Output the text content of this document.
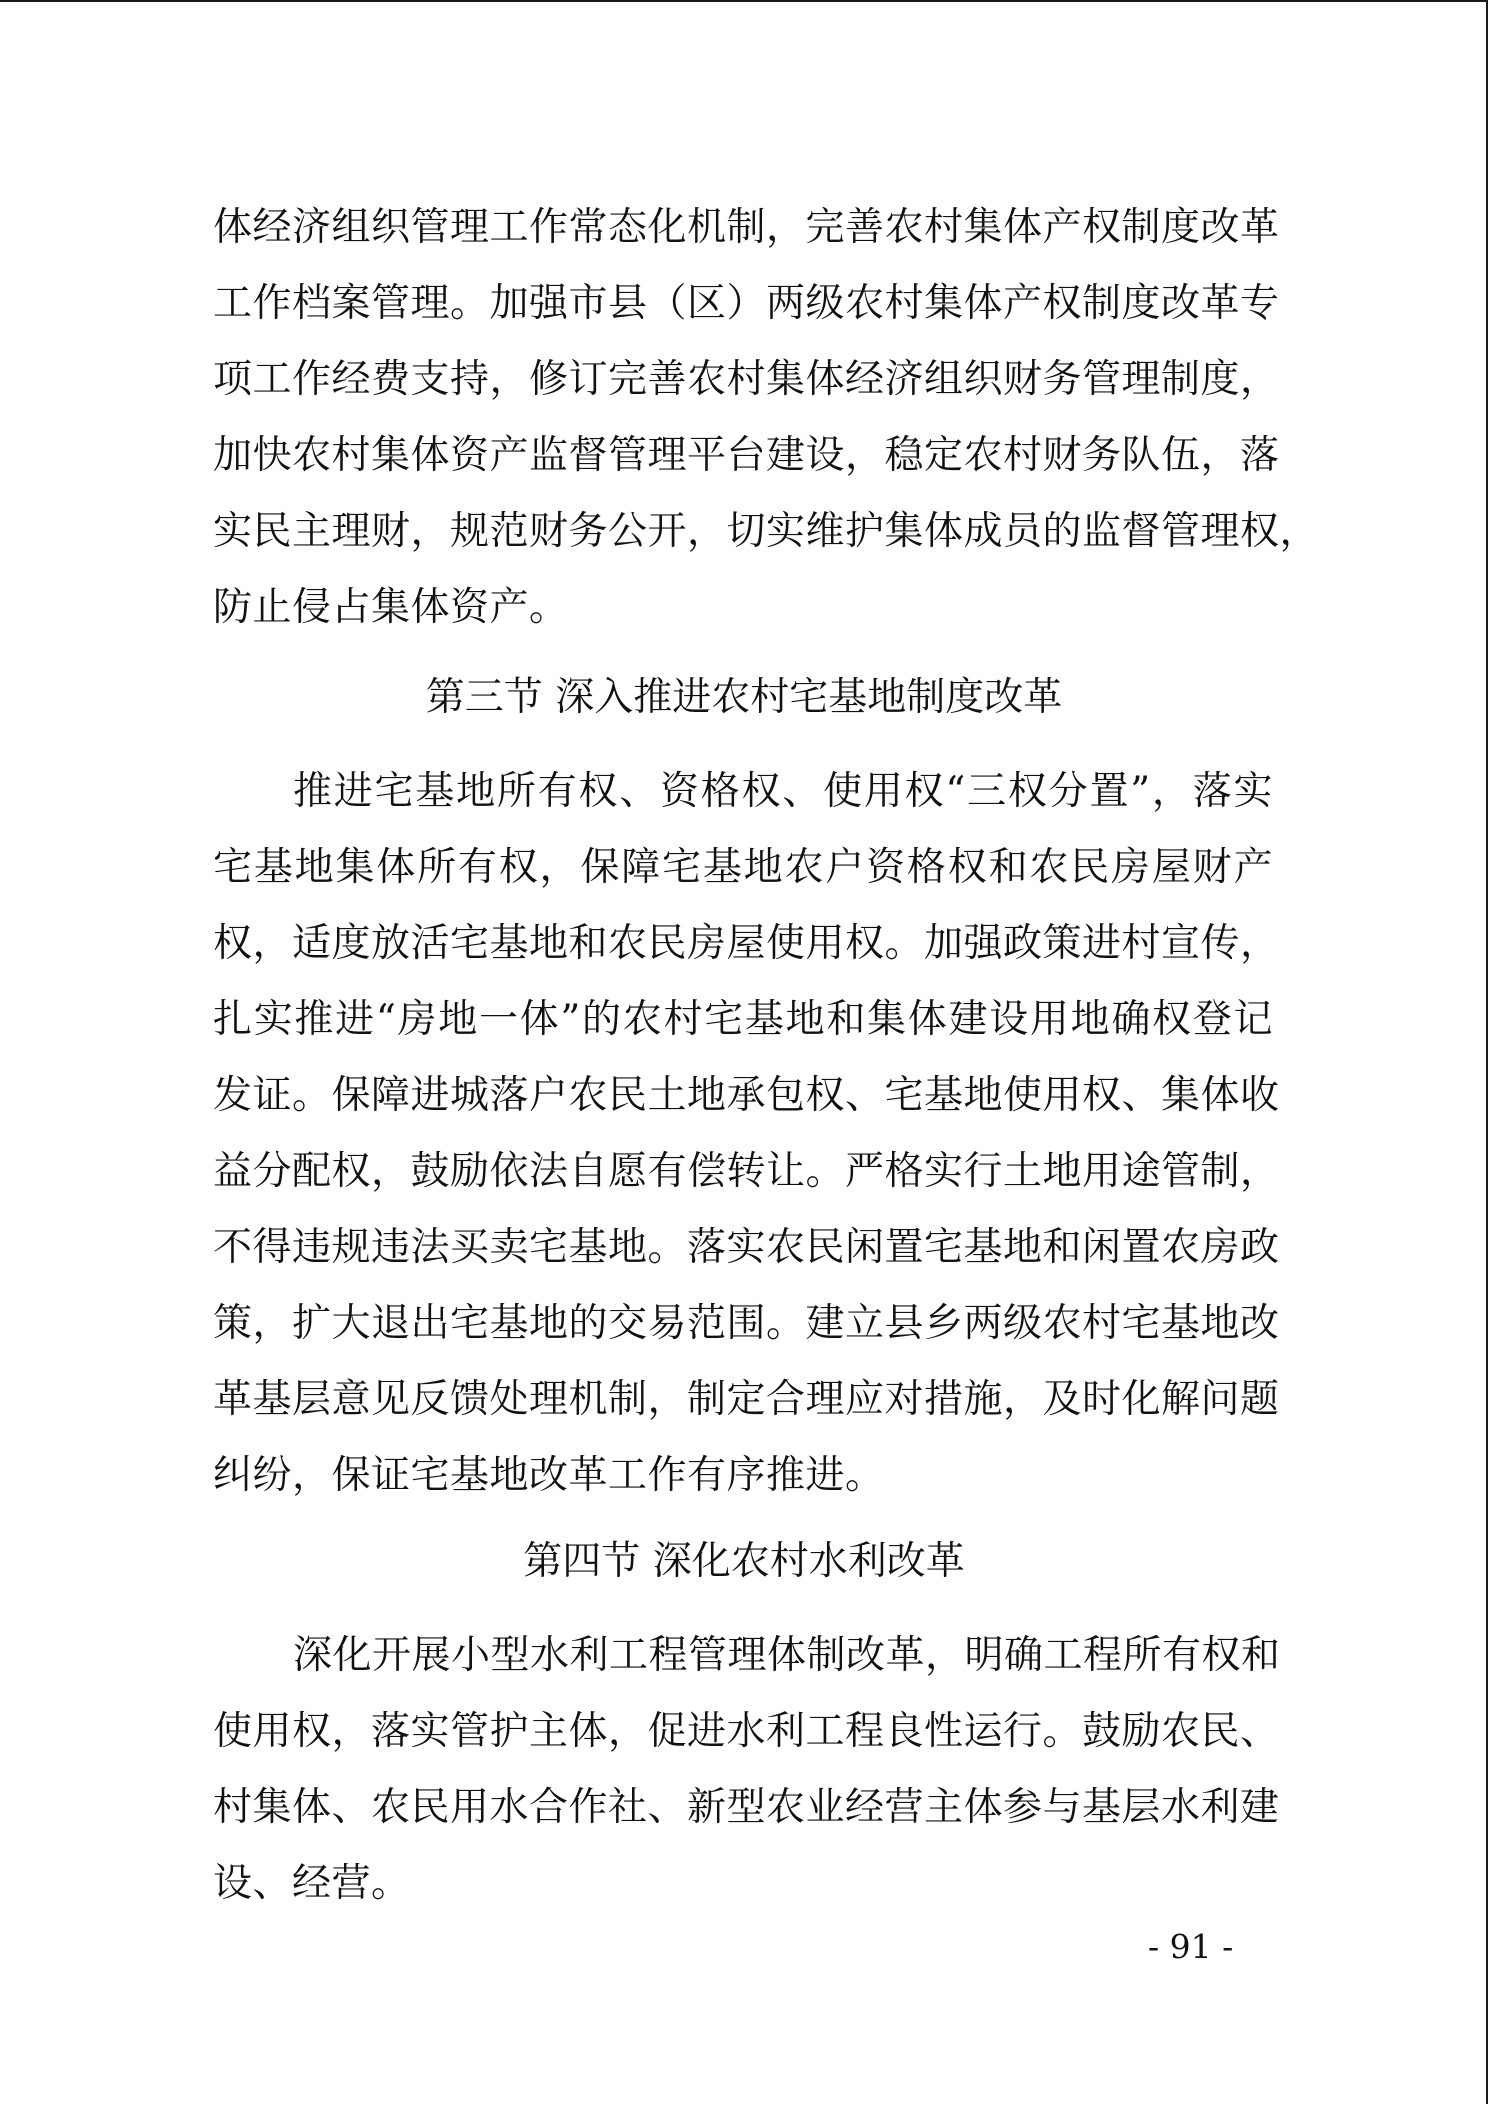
体经济组织管理工作常态化机制，完善农村集体产权制度改革
工作档案管理。加强市县（区）两级农村集体产权制度改革专
项工作经费支持，修订完善农村集体经济组织财务管理制度，
加快农村集体资产监督管理平台建设，稳定农村财务队伍，落
实民主理财，规范财务公开，切实维护集体成员的监督管理权，
防止侵占集体资产。
第三节 深入推进农村宅基地制度改革
推进宅基地所有权、资格权、使用权“三权分置”，落实
宅基地集体所有权，保障宅基地农户资格权和农民房屋财产
权，适度放活宅基地和农民房屋使用权。加强政策进村宣传，
扎实推进“房地一体”的农村宅基地和集体建设用地确权登记
发证。保障进城落户农民土地承包权、宅基地使用权、集体收
益分配权，鼓励依法自愿有偿转让。严格实行土地用途管制，
不得违规违法买卖宅基地。落实农民闲置宅基地和闲置农房政
策，扩大退出宅基地的交易范围。建立县乡两级农村宅基地改
革基层意见反馈处理机制，制定合理应对措施，及时化解问题
纠纷，保证宅基地改革工作有序推进。
第四节 深化农村水利改革
深化开展小型水利工程管理体制改革，明确工程所有权和
使用权，落实管护主体，促进水利工程良性运行。鼓励农民、
村集体、农民用水合作社、新型农业经营主体参与基层水利建
设、经营。
- 91 -
